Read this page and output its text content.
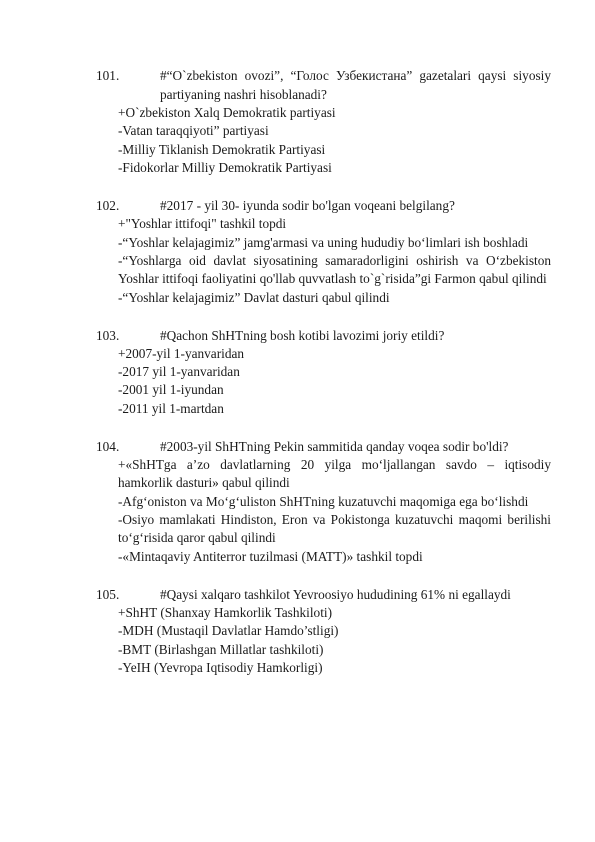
101.	#“O`zbekiston ovozi”, “Голос Узбекистана” gazetalari qaysi siyosiy partiyaning nashri hisoblanadi?
+O`zbekiston Xalq Demokratik partiyasi
-Vatan taraqqiyoti” partiyasi
-Milliy Tiklanish Demokratik Partiyasi
-Fidokorlar Milliy Demokratik Partiyasi
102.	#2017 - yil 30- iyunda sodir bo'lgan voqeani belgilang?
+"Yoshlar ittifoqi" tashkil topdi
-“Yoshlar kelajagimiz” jamg'armasi va uning hududiy bo‘limlari ish boshladi
-“Yoshlarga oid davlat siyosatining samaradorligini oshirish va O‘zbekiston Yoshlar ittifoqi faoliyatini qo'llab quvvatlash to`g`risida”gi Farmon qabul qilindi
-“Yoshlar kelajagimiz” Davlat dasturi qabul qilindi
103.	#Qachon ShHTning bosh kotibi lavozimi joriy etildi?
+2007-yil 1-yanvaridan
-2017 yil 1-yanvaridan
-2001 yil 1-iyundan
-2011 yil 1-martdan
104.	#2003-yil ShHTning Pekin sammitida qanday voqea sodir bo'ldi?
+«ShHTga a’zo davlatlarning 20 yilga mo‘ljallangan savdo – iqtisodiy hamkorlik dasturi» qabul qilindi
-Afg‘oniston va Mo‘g‘uliston ShHTning kuzatuvchi maqomiga ega bo‘lishdi
-Osiyo mamlakati Hindiston, Eron va Pokistonga kuzatuvchi maqomi berilishi to‘g‘risida qaror qabul qilindi
-«Mintaqaviy Antiterror tuzilmasi (MATT)» tashkil topdi
105.	#Qaysi xalqaro tashkilot Yevroosiyo hududining 61% ni egallaydi
+ShHT (Shanxay Hamkorlik Tashkiloti)
-MDH (Mustaqil Davlatlar Hamdo’stligi)
-BMT (Birlashgan Millatlar tashkiloti)
-YeIH (Yevropa Iqtisodiy Hamkorligi)
